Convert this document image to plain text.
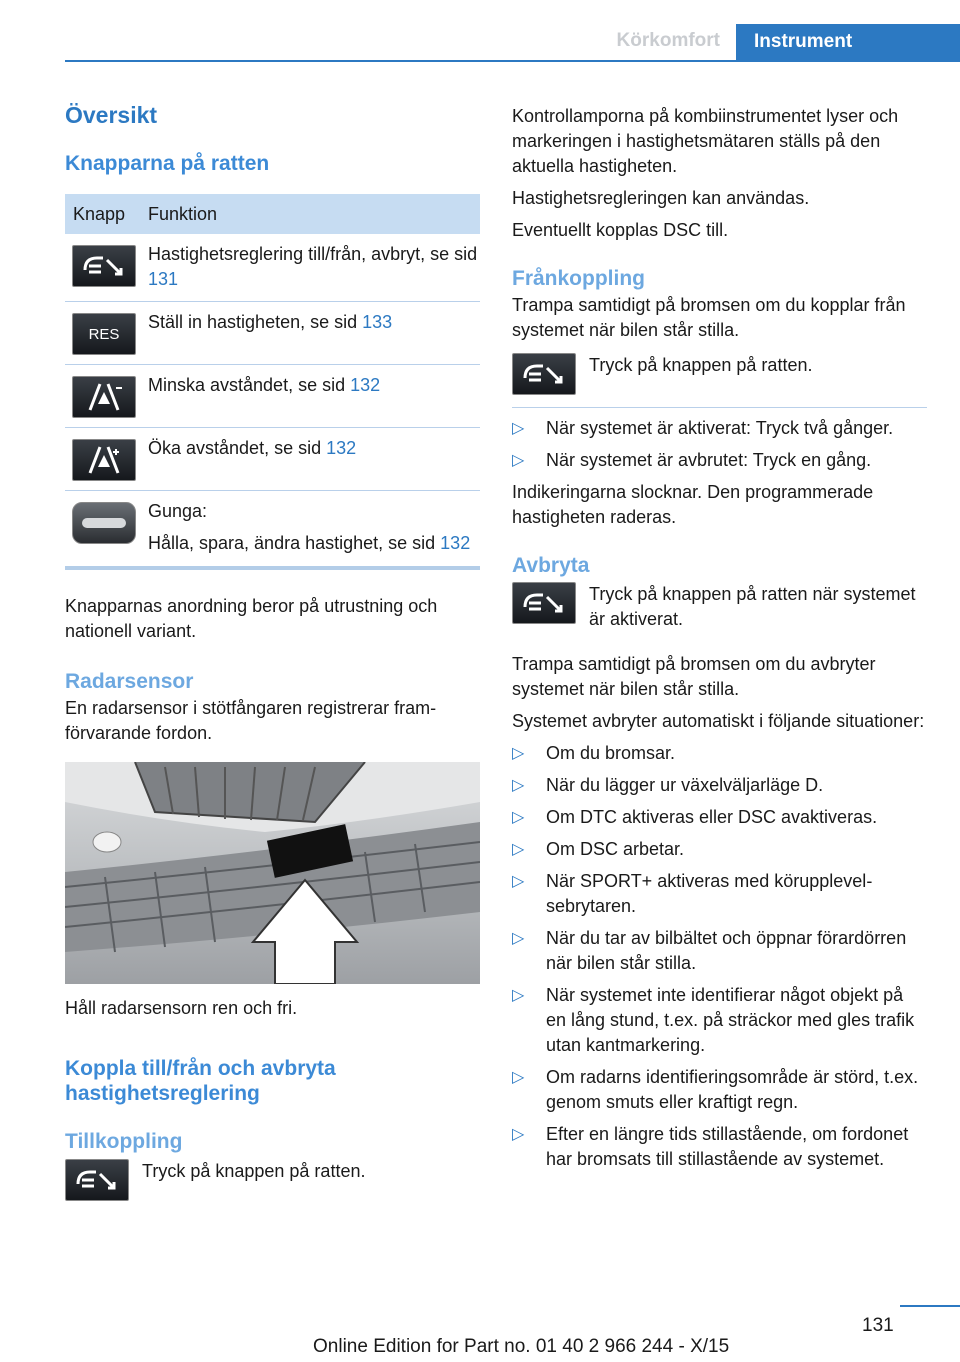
Körkomfort	Instrument
Översikt
Knapparna på ratten
Knapp	Funktion
Hastighetsreglering till/från, avbryt, se sid 131
RES
Ställ in hastigheten, se sid 133
Minska avståndet, se sid 132
Öka avståndet, se sid 132
Gunga:
Hålla, spara, ändra hastighet, se sid 132

Knapparnas anordning beror på utrustning och nationell variant.

Radarsensor

En radarsensor i stötfångaren registrerar framförvarande fordon.

Håll radarsensorn ren och fri.

Koppla till/från och avbryta hastighetsreglering
Tillkoppling

Tryck på knappen på ratten.

Kontrollamporna på kombiinstrumentet lyser och markeringen i hastighetsmätaren ställs på den aktuella hastigheten.

Hastighetsregleringen kan användas.

Eventuellt kopplas DSC till.

Frånkoppling

Trampa samtidigt på bromsen om du kopplar från systemet när bilen står stilla.

Tryck på knappen på ratten.

▷ När systemet är aktiverat: Tryck två gånger.
▷ När systemet är avbrutet: Tryck en gång.

Indikeringarna slocknar. Den programmerade hastigheten raderas.

Avbryta

Tryck på knappen på ratten när systemet är aktiverat.

Trampa samtidigt på bromsen om du avbryter systemet när bilen står stilla.

Systemet avbryter automatiskt i följande situationer:

▷ Om du bromsar.
▷ När du lägger ur växelväljarläge D.
▷ Om DTC aktiveras eller DSC avaktiveras.
▷ Om DSC arbetar.
▷ När SPORT+ aktiveras med körupplevelsebrytaren.
▷ När du tar av bilbältet och öppnar förardörren när bilen står stilla.
▷ När systemet inte identifierar något objekt på en lång stund, t.ex. på sträckor med gles trafik utan kantmarkering.
▷ Om radarns identifieringsområde är störd, t.ex. genom smuts eller kraftigt regn.
▷ Efter en längre tids stillastående, om fordonet har bromsats till stillastående av systemet.
131
Online Edition for Part no. 01 40 2 966 244 - X/15
